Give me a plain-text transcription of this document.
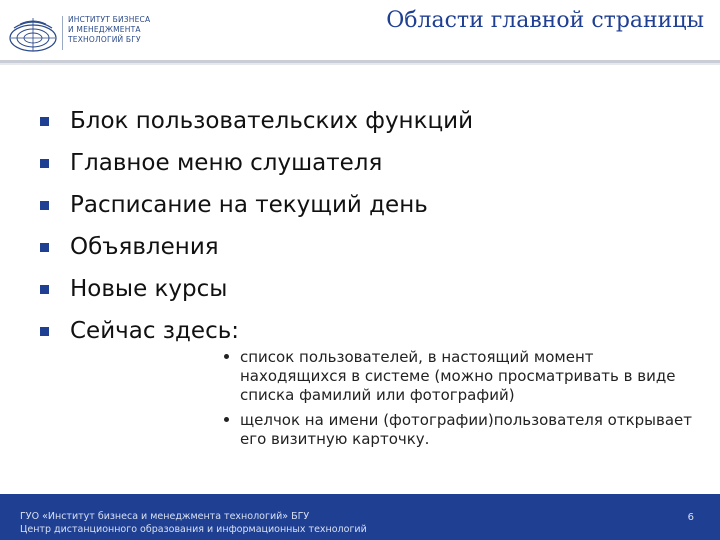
ИНСТИТУТ БИЗНЕСА
И МЕНЕДЖМЕНТА
ТЕХНОЛОГИЙ БГУ
Области главной страницы
Блок пользовательских функций
Главное меню слушателя
Расписание на текущий день
Объявления
Новые курсы
Сейчас здесь:
список пользователей, в настоящий момент находящихся в системе (можно просматривать в виде списка фамилий или фотографий)
щелчок на имени (фотографии)пользователя открывает его визитную карточку.
ГУО «Институт бизнеса и менеджмента технологий» БГУ
Центр дистанционного образования и информационных технологий
6
